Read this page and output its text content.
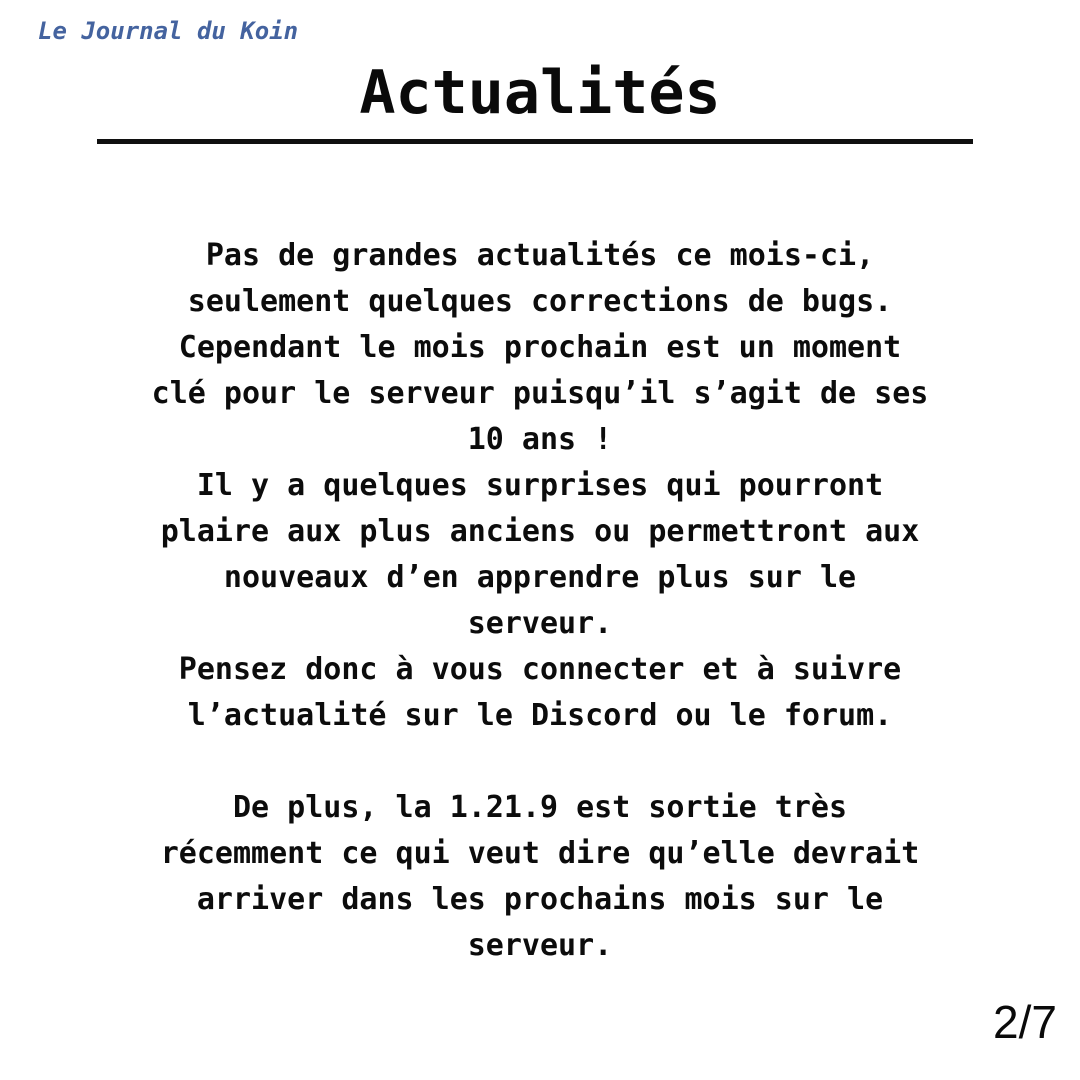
Le Journal du Koin
Actualités
Pas de grandes actualités ce mois-ci,
seulement quelques corrections de bugs.
Cependant le mois prochain est un moment
clé pour le serveur puisqu’il s’agit de ses
10 ans !
Il y a quelques surprises qui pourront
plaire aux plus anciens ou permettront aux
nouveaux d’en apprendre plus sur le
serveur.
Pensez donc à vous connecter et à suivre
l’actualité sur le Discord ou le forum.
De plus, la 1.21.9 est sortie très
récemment ce qui veut dire qu’elle devrait
arriver dans les prochains mois sur le
serveur.
2/7
